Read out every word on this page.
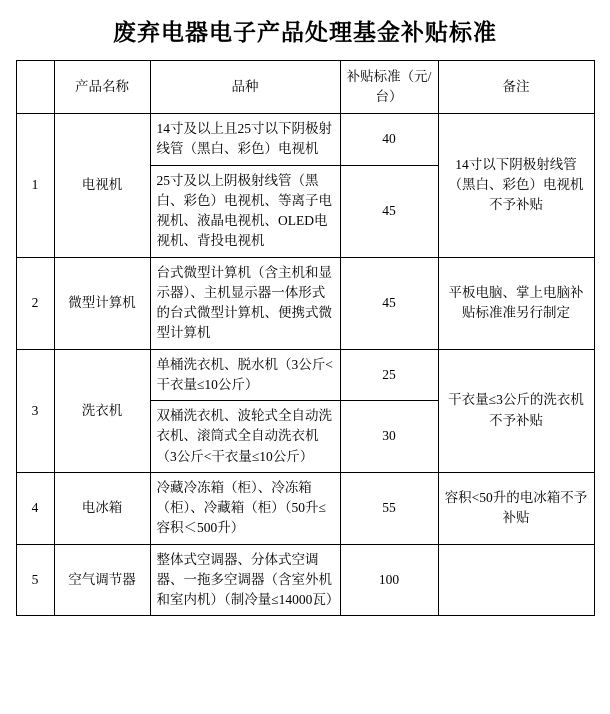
废弃电器电子产品处理基金补贴标准
	产品名称	品种	补贴标准（元/台）	备注
1	电视机	14寸及以上且25寸以下阴极射线管（黑白、彩色）电视机	40	14寸以下阴极射线管（黑白、彩色）电视机不予补贴
		25寸及以上阴极射线管（黑白、彩色）电视机、等离子电视机、液晶电视机、OLED电视机、背投电视机	45	
2	微型计算机	台式微型计算机（含主机和显示器）、主机显示器一体形式的台式微型计算机、便携式微型计算机	45	平板电脑、掌上电脑补贴标准准另行制定
3	洗衣机	单桶洗衣机、脱水机（3公斤<干衣量≤10公斤）	25	干衣量≤3公斤的洗衣机不予补贴
		双桶洗衣机、波轮式全自动洗衣机、滚筒式全自动洗衣机（3公斤<干衣量≤10公斤）	30	
4	电冰箱	冷藏冷冻箱（柜）、冷冻箱（柜）、冷藏箱（柜）（50升≤容积＜500升）	55	容积<50升的电冰箱不予补贴
5	空气调节器	整体式空调器、分体式空调器、一拖多空调器（含室外机和室内机）（制冷量≤14000瓦）	100	
